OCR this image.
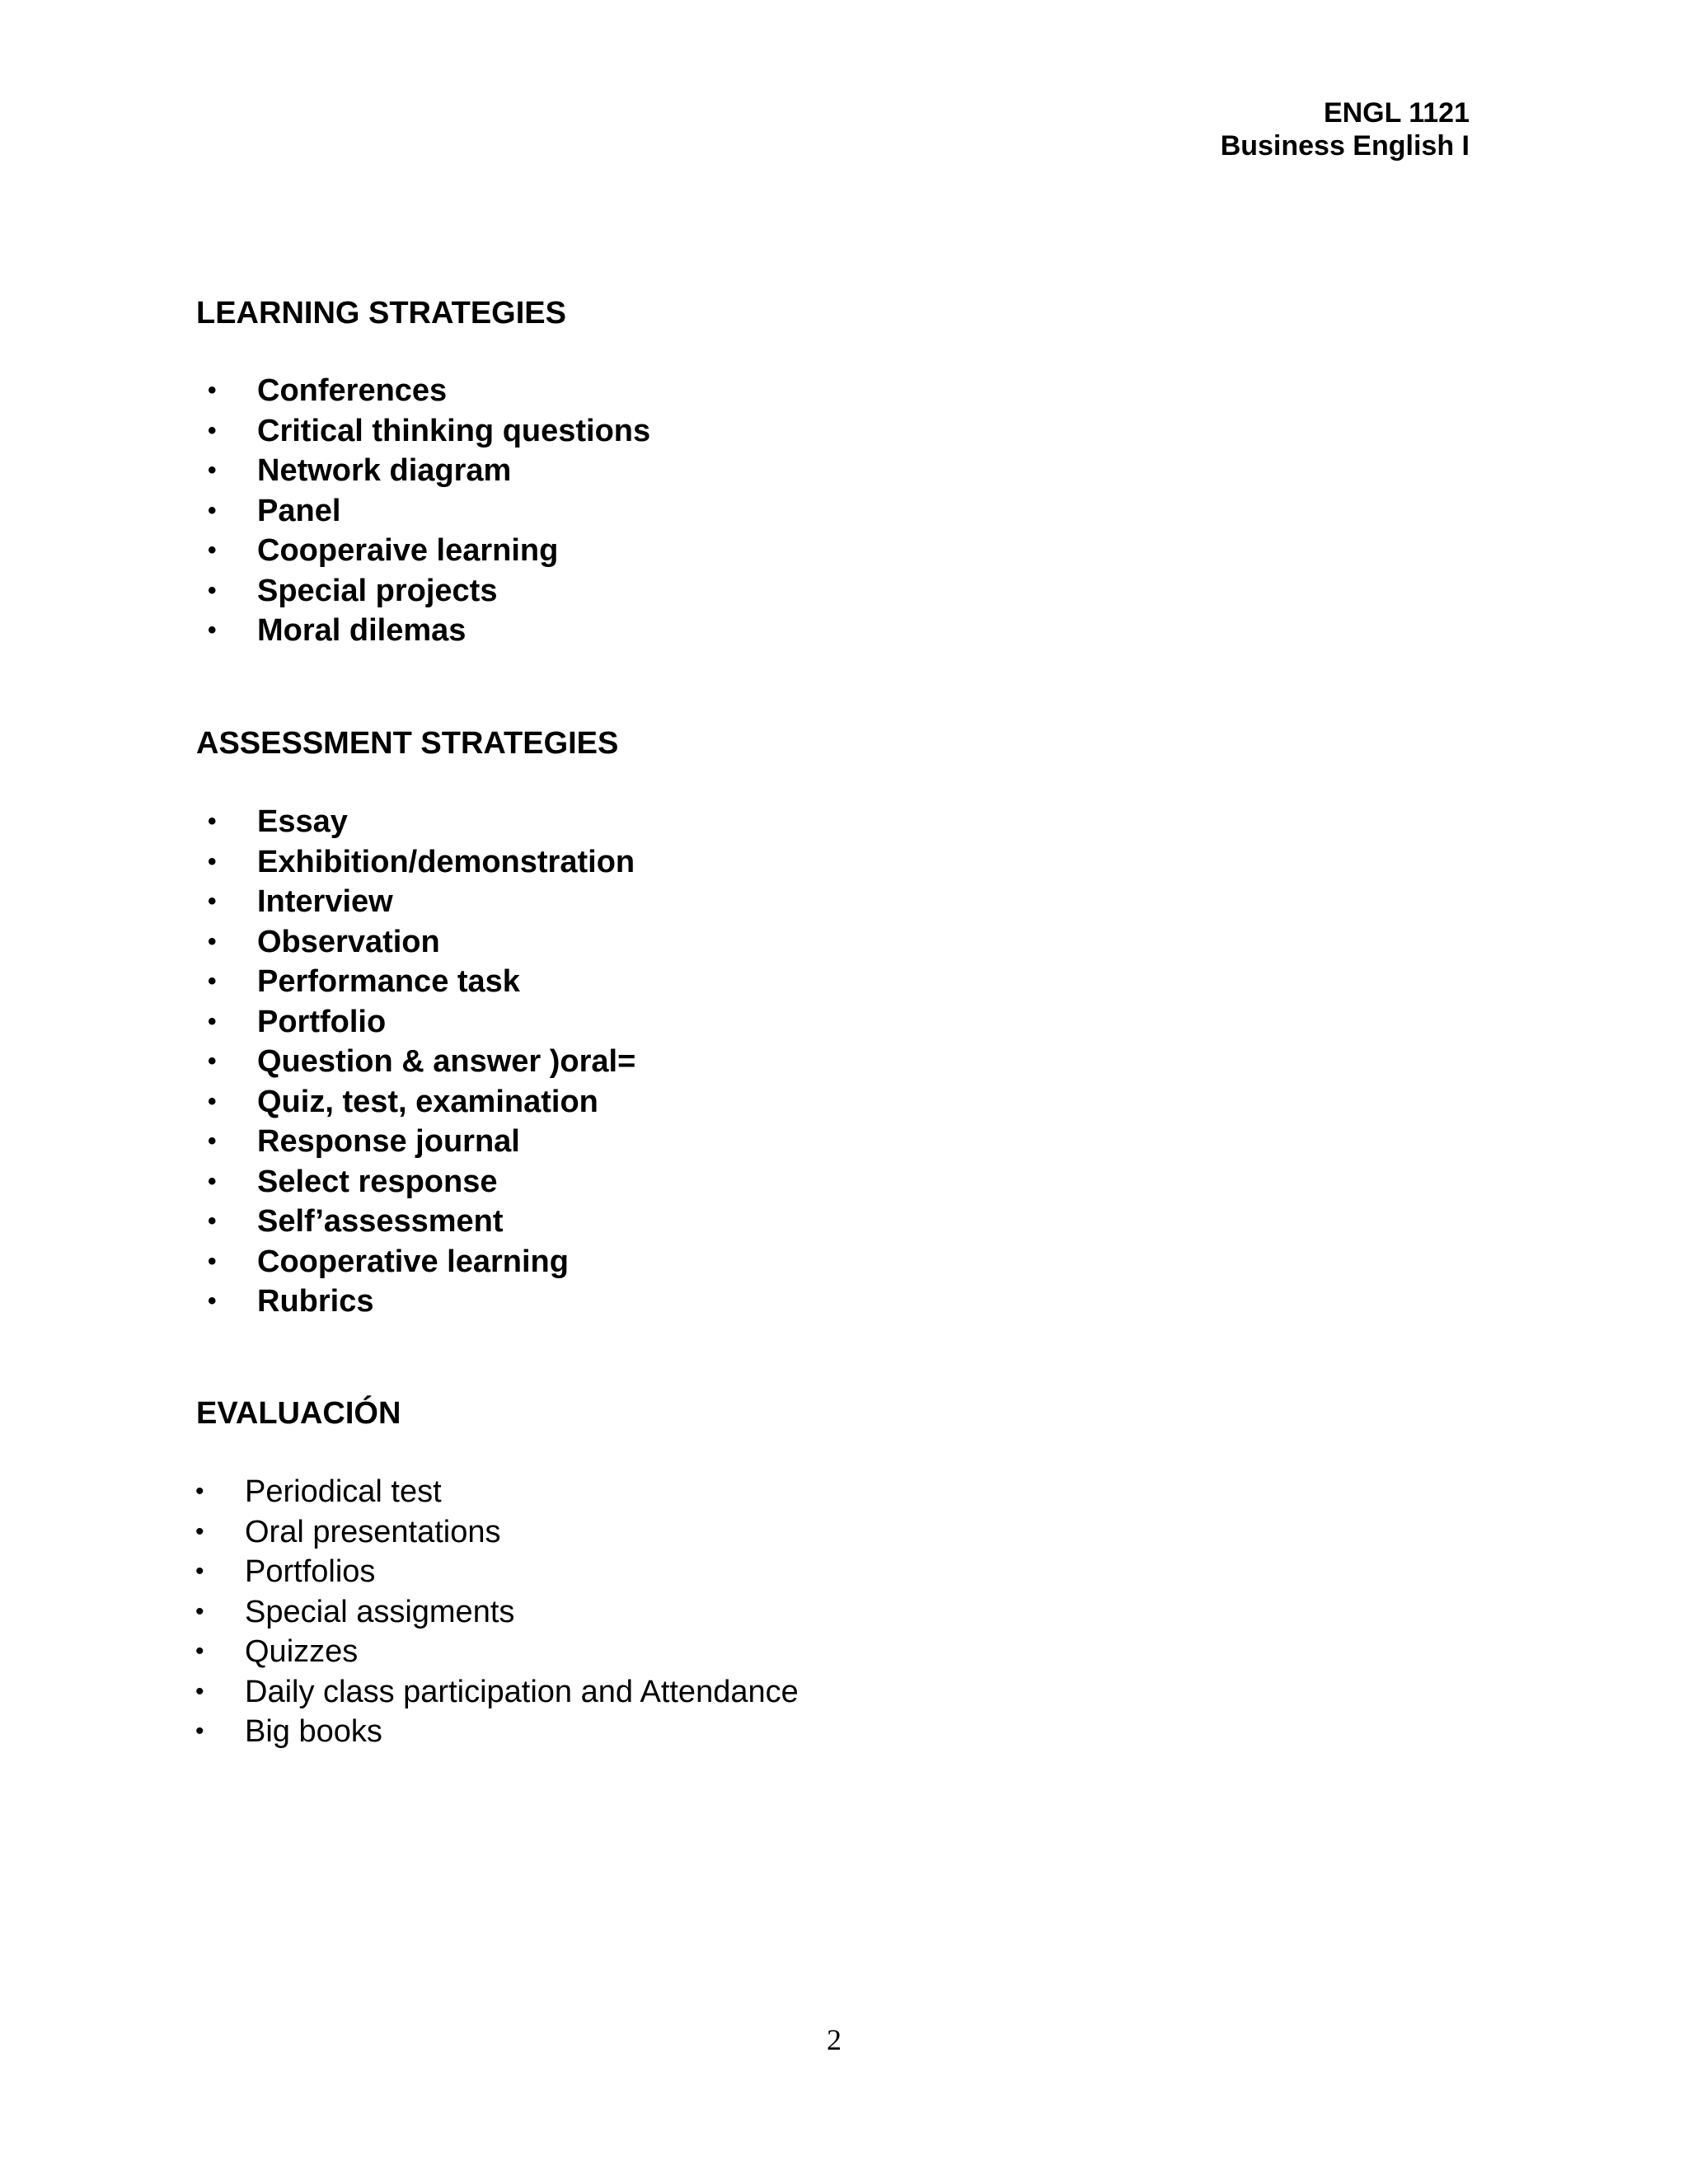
ENGL 1121
Business English I
LEARNING STRATEGIES
• Conferences
• Critical thinking questions
• Network diagram
• Panel
• Cooperaive learning
• Special projects
• Moral dilemas
ASSESSMENT STRATEGIES
• Essay
• Exhibition/demonstration
• Interview
• Observation
• Performance task
• Portfolio
• Question & answer )oral=
• Quiz, test, examination
• Response journal
• Select response
• Self’assessment
• Cooperative learning
• Rubrics
EVALUACIÓN
• Periodical test
• Oral presentations
• Portfolios
• Special assigments
• Quizzes
• Daily class participation and Attendance
• Big books
2
